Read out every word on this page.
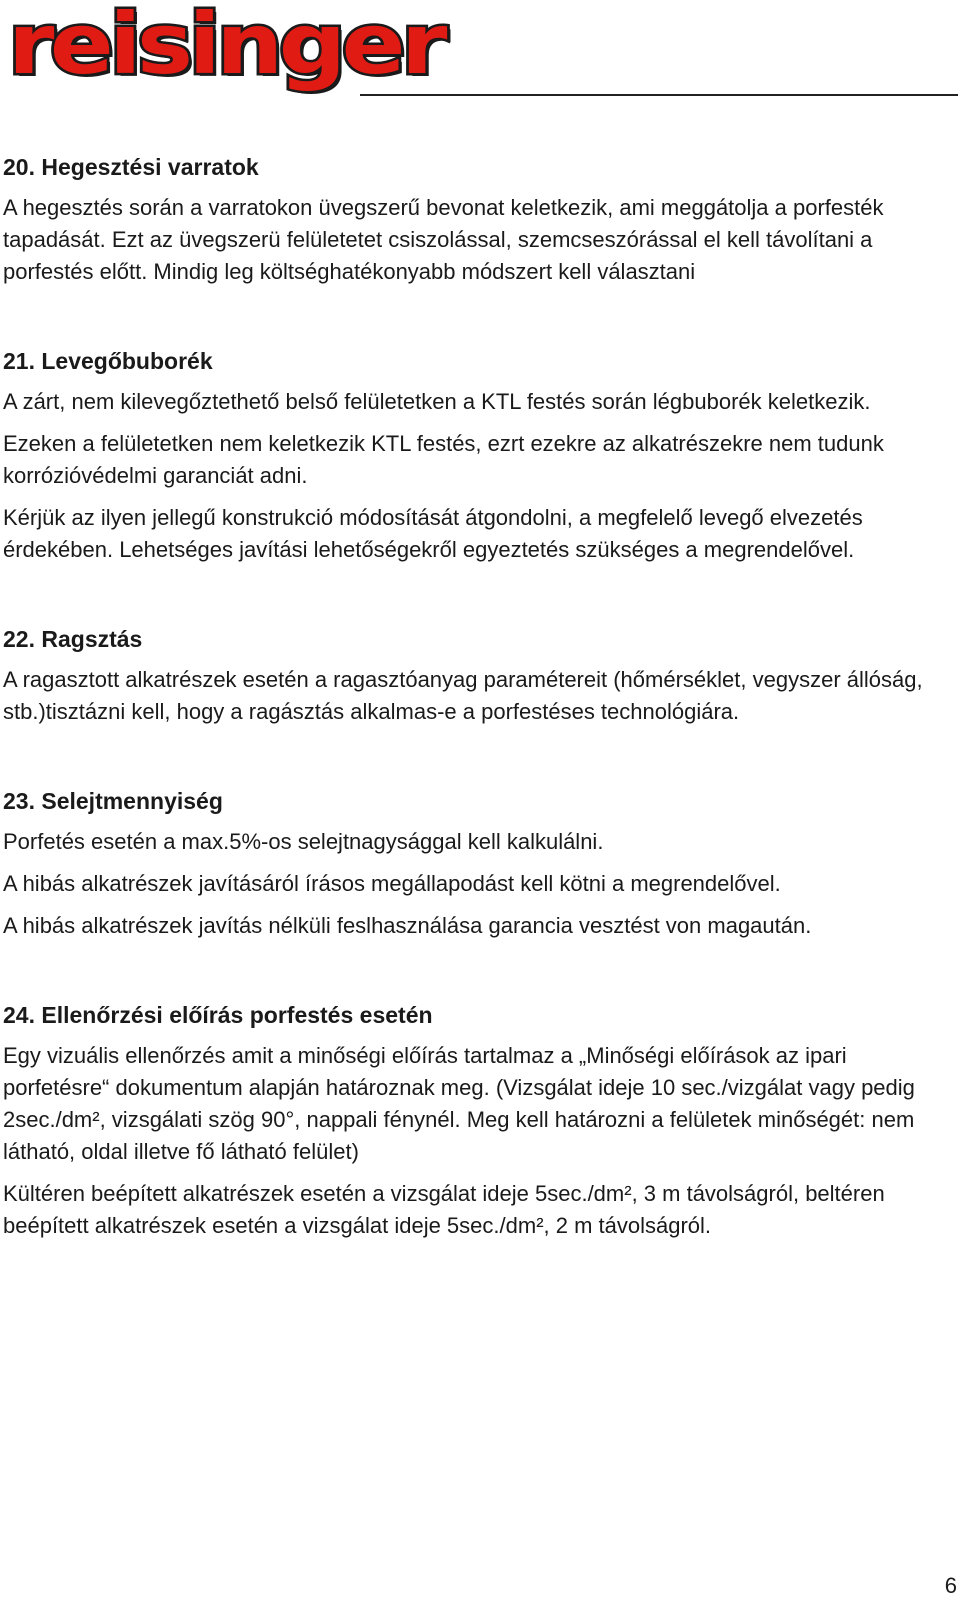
reisinger
20. Hegesztési varratok

A hegesztés során a varratokon üvegszerű bevonat keletkezik, ami meggátolja a porfesték tapadását. Ezt az üvegszerü felületetet csiszolással, szemcseszórással el kell távolítani a porfestés előtt. Mindig leg költséghatékonyabb módszert kell választani

21. Levegőbuborék

A zárt, nem kilevegőztethető belső felületetken a KTL festés során légbuborék keletkezik.

Ezeken a felületetken nem keletkezik KTL festés, ezrt ezekre az alkatrészekre nem tudunk korrózióvédelmi garanciát adni.

Kérjük az ilyen jellegű konstrukció módosítását átgondolni, a megfelelő levegő elvezetés érdekében. Lehetséges javítási lehetőségekről egyeztetés szükséges a megrendelővel.

22. Ragsztás

A ragasztott alkatrészek esetén a ragasztóanyag paramétereit (hőmérséklet, vegyszer állóság, stb.)tisztázni kell, hogy a ragásztás alkalmas-e a porfestéses technológiára.

23. Selejtmennyiség

Porfetés esetén a max.5%-os selejtnagysággal kell kalkulálni.

A hibás alkatrészek javításáról írásos megállapodást kell kötni a megrendelővel.

A hibás alkatrészek javítás nélküli feslhasználása garancia vesztést von magaután.

24. Ellenőrzési előírás porfestés esetén

Egy vizuális ellenőrzés amit a minőségi előírás tartalmaz a „Minőségi előírások az ipari porfetésre“ dokumentum alapján határoznak meg. (Vizsgálat ideje 10 sec./vizgálat vagy pedig 2sec./dm², vizsgálati szög 90°, nappali fénynél. Meg kell határozni a felületek minőségét: nem látható, oldal illetve fő látható felület)

Kültéren beépített alkatrészek esetén a vizsgálat ideje 5sec./dm², 3 m távolságról, beltéren beépített alkatrészek esetén a vizsgálat ideje 5sec./dm², 2 m távolságról.

6
